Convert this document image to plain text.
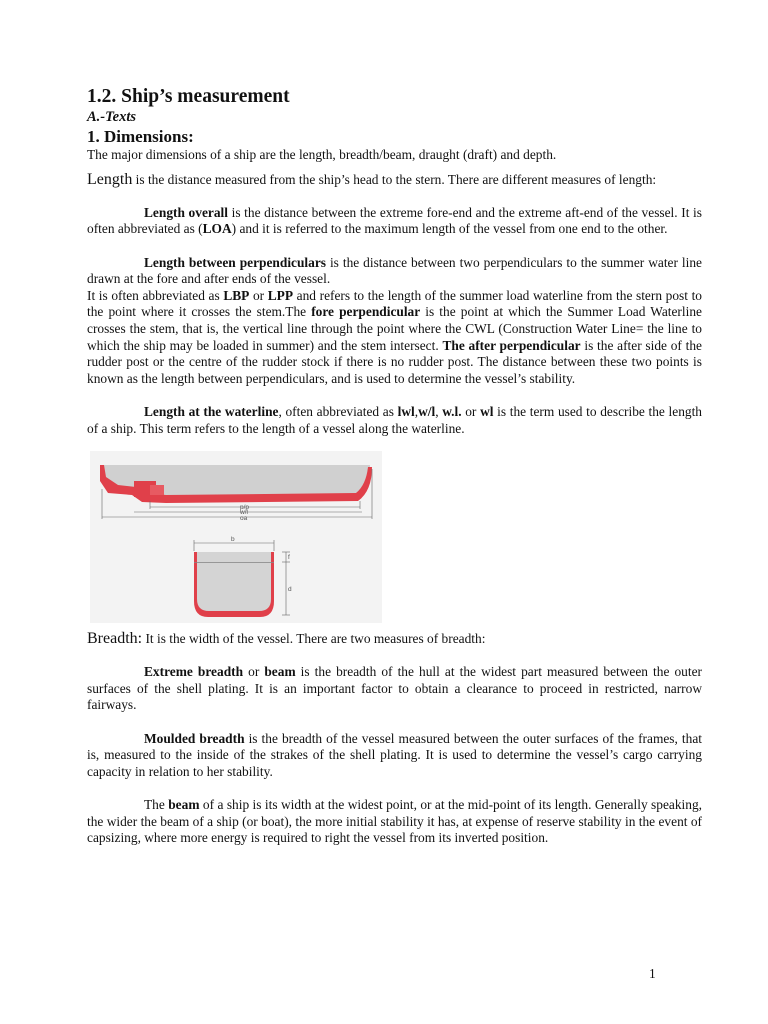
1.2. Ship’s measurement
A.-Texts
1. Dimensions:

The major dimensions of a ship are the length, breadth/beam, draught (draft) and depth.

Length is the distance measured from the ship’s head to the stern. There are different measures of length:

Length overall is the distance between the extreme fore-end and the extreme aft-end of the vessel. It is often abbreviated as (LOA) and it is referred to the maximum length of the vessel from one end to the other.

Length between perpendiculars is the distance between two perpendiculars to the summer water line drawn at the fore and after ends of the vessel.

It is often abbreviated as LBP or LPP and refers to the length of the summer load waterline from the stern post to the point where it crosses the stem.The fore perpendicular is the point at which the Summer Load Waterline crosses the stem, that is, the vertical line through the point where the CWL (Construction Water Line= the line to which the ship may be loaded in summer) and the stem intersect. The after perpendicular is the after side of the rudder post or the centre of the rudder stock if there is no rudder post. The distance between these two points is known as the length between perpendiculars, and is used to determine the vessel’s stability.

Length at the waterline, often abbreviated as lwl,w/l, w.l. or wl is the term used to describe the length of a ship. This term refers to the length of a vessel along the waterline.

p/p
w/l
oa
b
f
d

Breadth: It is the width of the vessel. There are two measures of breadth:

Extreme breadth or beam is the breadth of the hull at the widest part measured between the outer surfaces of the shell plating. It is an important factor to obtain a clearance to proceed in restricted, narrow fairways.

Moulded breadth is the breadth of the vessel measured between the outer surfaces of the frames, that is, measured to the inside of the strakes of the shell plating. It is used to determine the vessel’s cargo carrying capacity in relation to her stability.

The beam of a ship is its width at the widest point, or at the mid-point of its length. Generally speaking, the wider the beam of a ship (or boat), the more initial stability it has, at expense of reserve stability in the event of capsizing, where more energy is required to right the vessel from its inverted position.

1
